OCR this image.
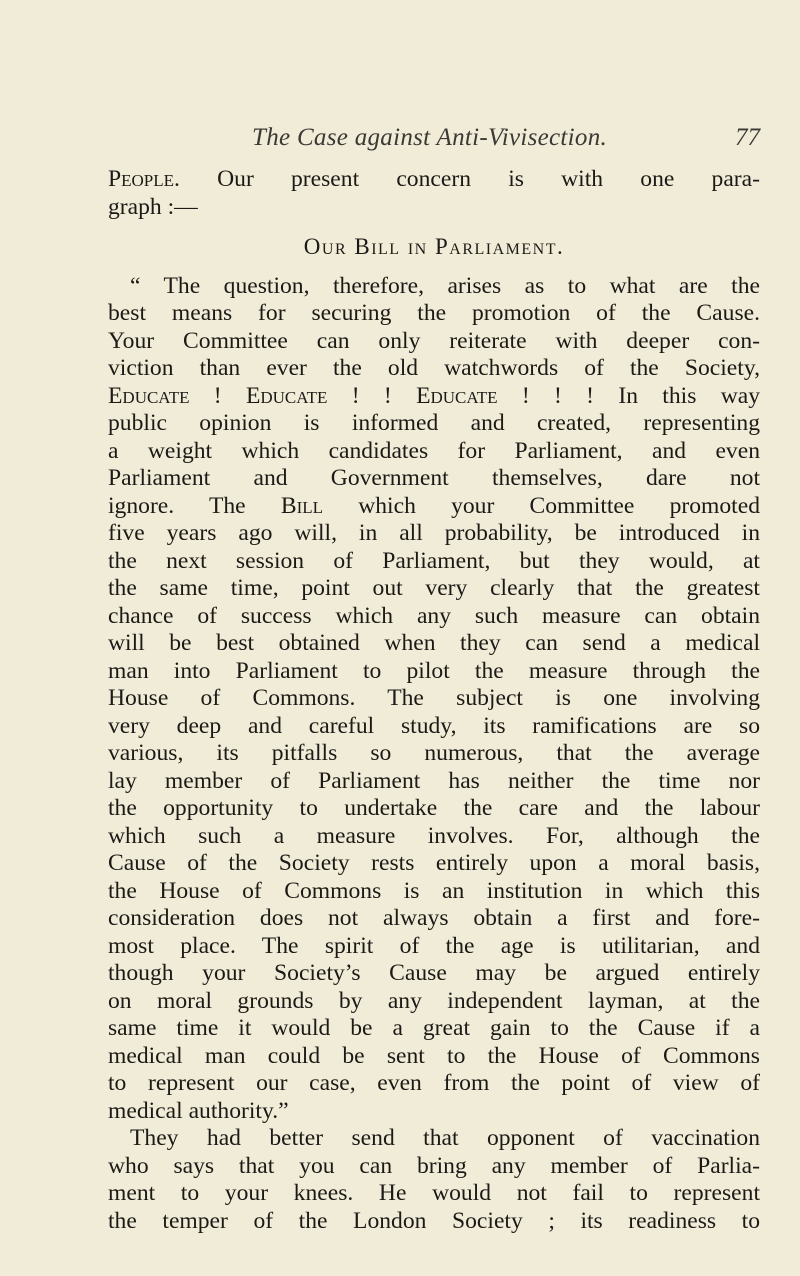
The Case against Anti-Vivisection.	77
People. Our present concern is with one para-
graph :—
Our Bill in Parliament.
“ The question, therefore, arises as to what are the
best means for securing the promotion of the Cause.
Your Committee can only reiterate with deeper con-
viction than ever the old watchwords of the Society,
Educate ! Educate ! ! Educate ! ! ! In this way
public opinion is informed and created, representing
a weight which candidates for Parliament, and even
Parliament and Government themselves, dare not
ignore. The Bill which your Committee promoted
five years ago will, in all probability, be introduced in
the next session of Parliament, but they would, at
the same time, point out very clearly that the greatest
chance of success which any such measure can obtain
will be best obtained when they can send a medical
man into Parliament to pilot the measure through the
House of Commons. The subject is one involving
very deep and careful study, its ramifications are so
various, its pitfalls so numerous, that the average
lay member of Parliament has neither the time nor
the opportunity to undertake the care and the labour
which such a measure involves. For, although the
Cause of the Society rests entirely upon a moral basis,
the House of Commons is an institution in which this
consideration does not always obtain a first and fore-
most place. The spirit of the age is utilitarian, and
though your Society’s Cause may be argued entirely
on moral grounds by any independent layman, at the
same time it would be a great gain to the Cause if a
medical man could be sent to the House of Commons
to represent our case, even from the point of view of
medical authority.”
They had better send that opponent of vaccination
who says that you can bring any member of Parlia-
ment to your knees. He would not fail to represent
the temper of the London Society ; its readiness to
